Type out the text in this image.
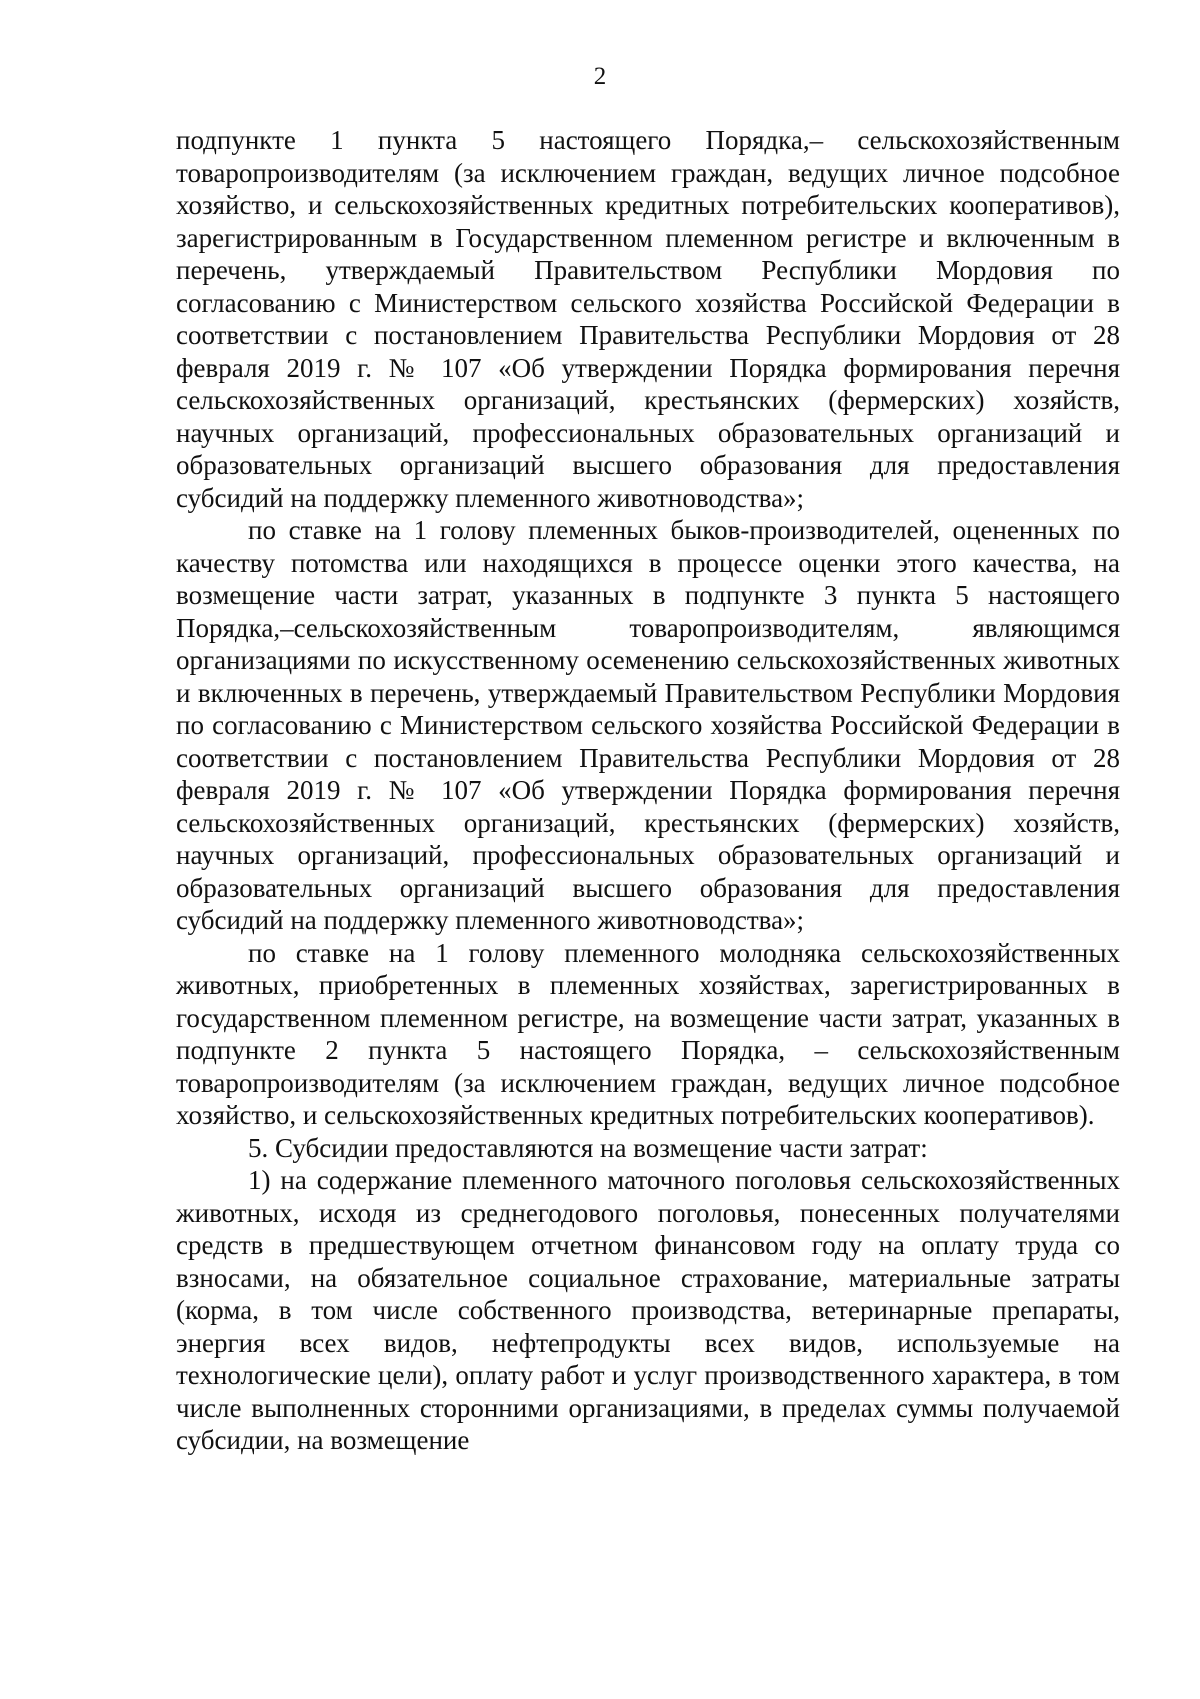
2

подпункте 1 пункта 5 настоящего Порядка,– сельскохозяйственным товаропроизводителям (за исключением граждан, ведущих личное подсобное хозяйство, и сельскохозяйственных кредитных потребительских кооперативов), зарегистрированным в Государственном племенном регистре и включенным в перечень, утверждаемый Правительством Республики Мордовия по согласованию с Министерством сельского хозяйства Российской Федерации в соответствии с постановлением Правительства Республики Мордовия от 28 февраля 2019 г. № 107 «Об утверждении Порядка формирования перечня сельскохозяйственных организаций, крестьянских (фермерских) хозяйств, научных организаций, профессиональных образовательных организаций и образовательных организаций высшего образования для предоставления субсидий на поддержку племенного животноводства»;

по ставке на 1 голову племенных быков-производителей, оцененных по качеству потомства или находящихся в процессе оценки этого качества, на возмещение части затрат, указанных в подпункте 3 пункта 5 настоящего Порядка,–сельскохозяйственным товаропроизводителям, являющимся организациями по искусственному осеменению сельскохозяйственных животных и включенных в перечень, утверждаемый Правительством Республики Мордовия по согласованию с Министерством сельского хозяйства Российской Федерации в соответствии с постановлением Правительства Республики Мордовия от 28 февраля 2019 г. № 107 «Об утверждении Порядка формирования перечня сельскохозяйственных организаций, крестьянских (фермерских) хозяйств, научных организаций, профессиональных образовательных организаций и образовательных организаций высшего образования для предоставления субсидий на поддержку племенного животноводства»;

по ставке на 1 голову племенного молодняка сельскохозяйственных животных, приобретенных в племенных хозяйствах, зарегистрированных в государственном племенном регистре, на возмещение части затрат, указанных в подпункте 2 пункта 5 настоящего Порядка, – сельскохозяйственным товаропроизводителям (за исключением граждан, ведущих личное подсобное хозяйство, и сельскохозяйственных кредитных потребительских кооперативов).

5. Субсидии предоставляются на возмещение части затрат:

1) на содержание племенного маточного поголовья сельскохозяйственных животных, исходя из среднегодового поголовья, понесенных получателями средств в предшествующем отчетном финансовом году на оплату труда со взносами, на обязательное социальное страхование, материальные затраты (корма, в том числе собственного производства, ветеринарные препараты, энергия всех видов, нефтепродукты всех видов, используемые на технологические цели), оплату работ и услуг производственного характера, в том числе выполненных сторонними организациями, в пределах суммы получаемой субсидии, на возмещение
